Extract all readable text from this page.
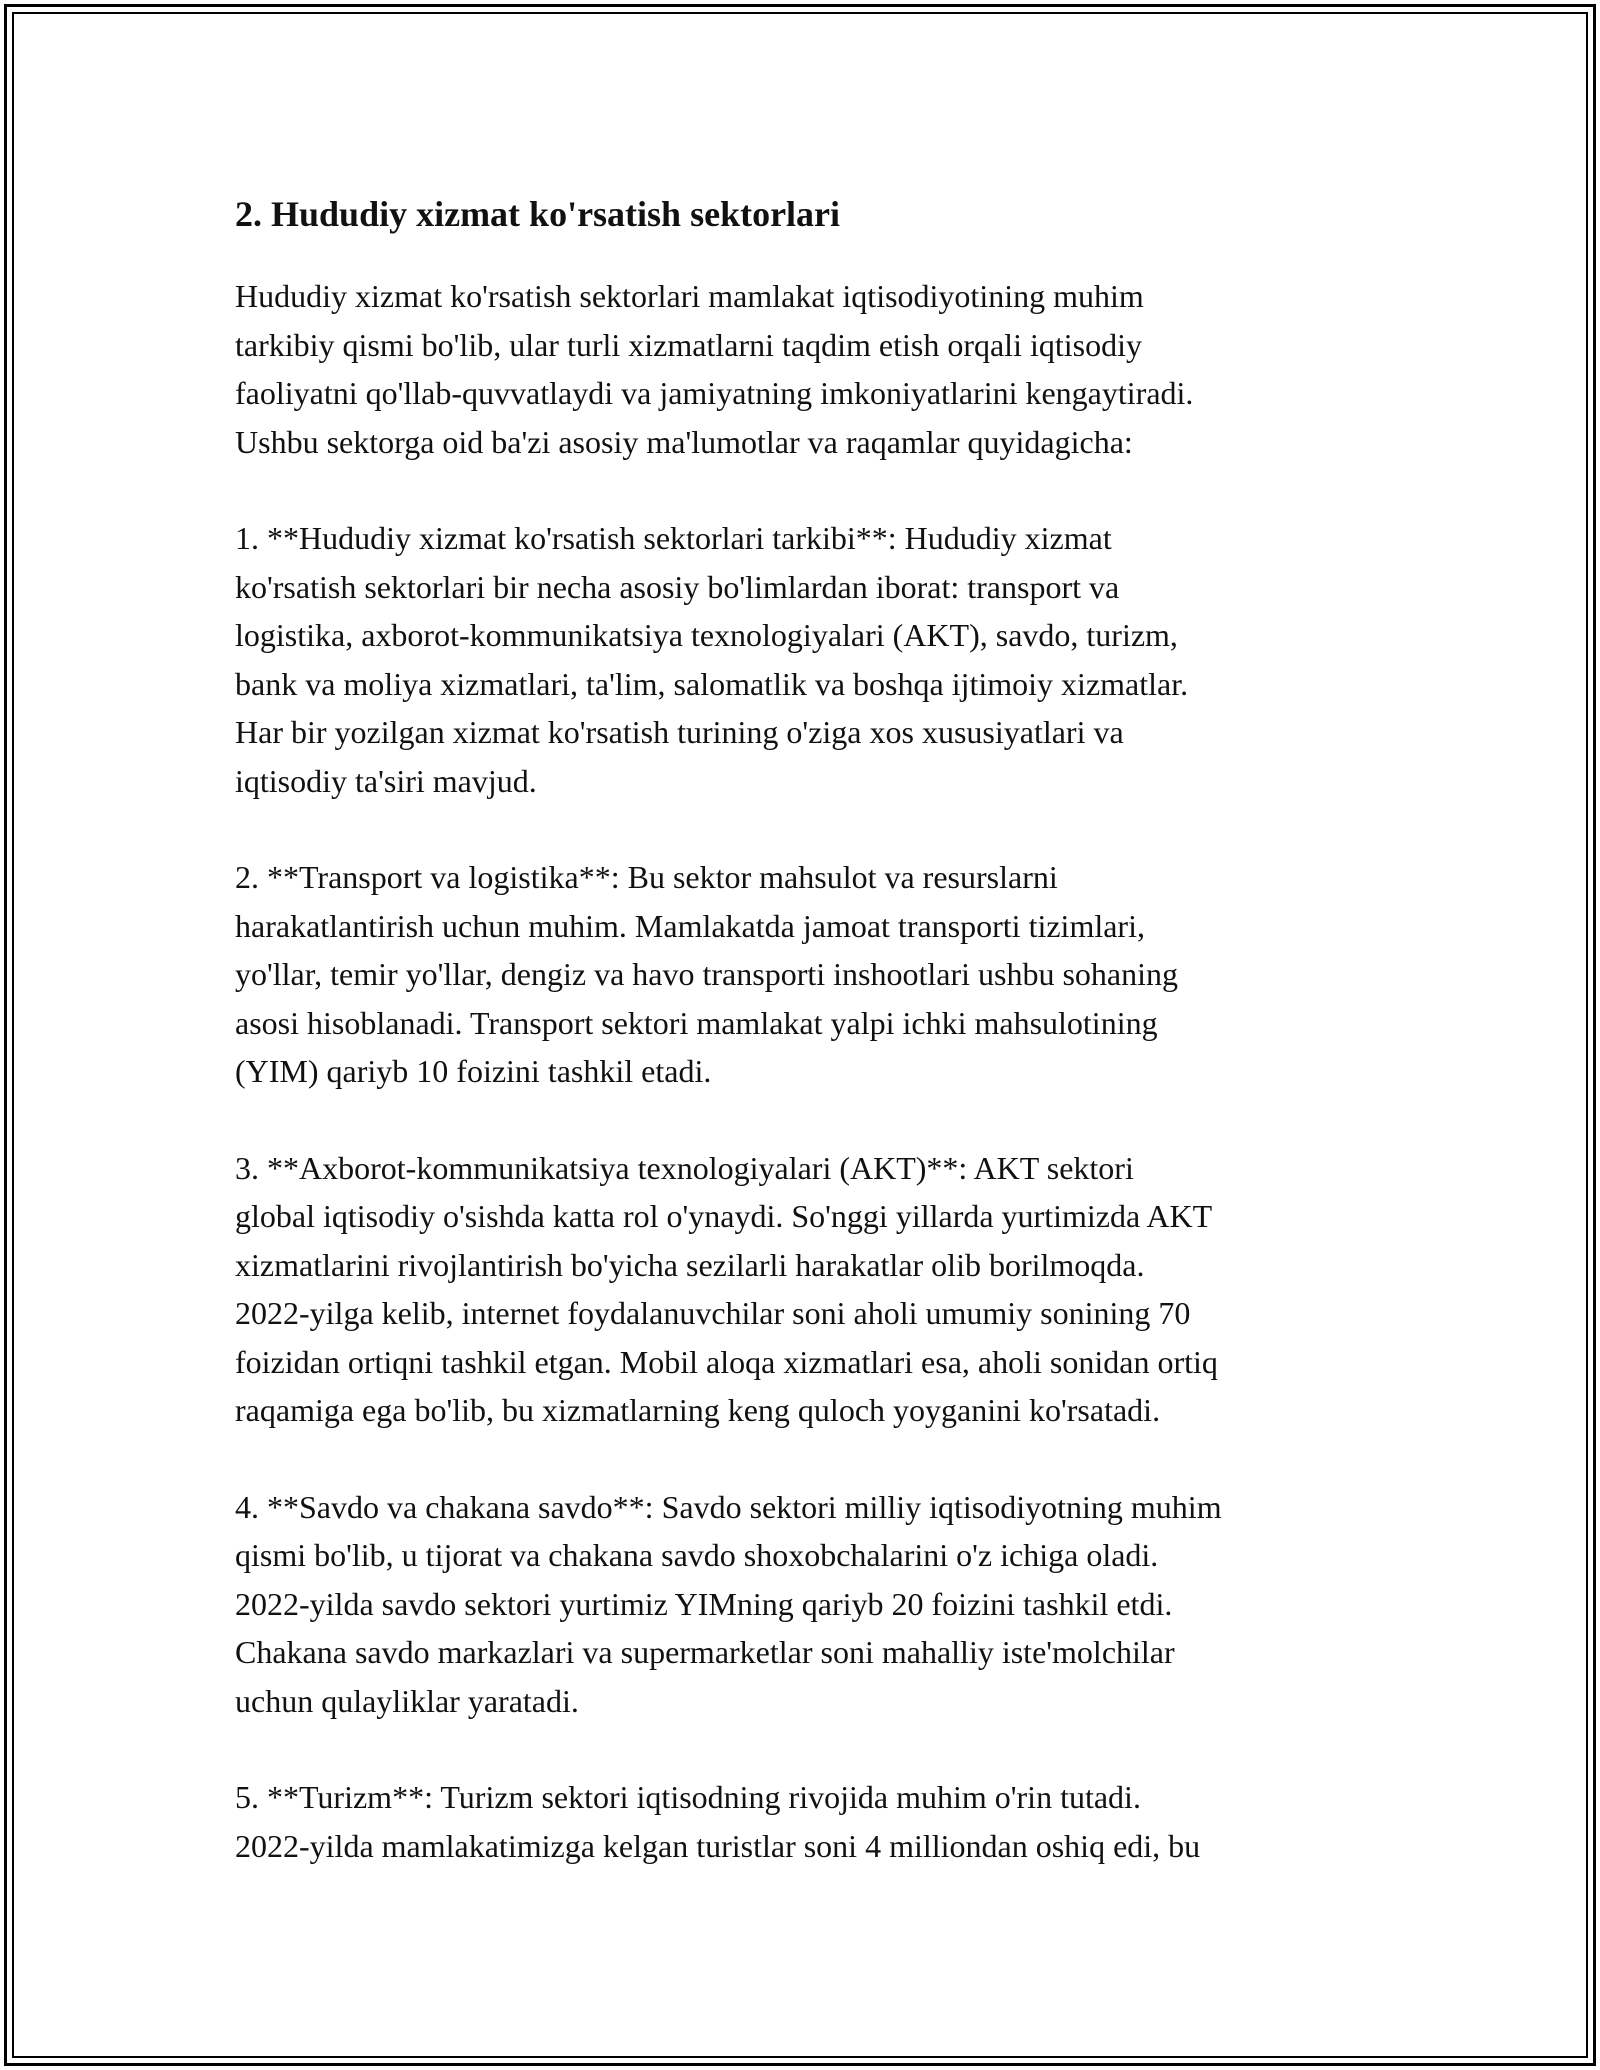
2. Hududiy xizmat ko'rsatish sektorlari

Hududiy xizmat ko'rsatish sektorlari mamlakat iqtisodiyotining muhim
tarkibiy qismi bo'lib, ular turli xizmatlarni taqdim etish orqali iqtisodiy
faoliyatni qo'llab-quvvatlaydi va jamiyatning imkoniyatlarini kengaytiradi.
Ushbu sektorga oid ba'zi asosiy ma'lumotlar va raqamlar quyidagicha:

1. **Hududiy xizmat ko'rsatish sektorlari tarkibi**: Hududiy xizmat
ko'rsatish sektorlari bir necha asosiy bo'limlardan iborat: transport va
logistika, axborot-kommunikatsiya texnologiyalari (AKT), savdo, turizm,
bank va moliya xizmatlari, ta'lim, salomatlik va boshqa ijtimoiy xizmatlar.
Har bir yozilgan xizmat ko'rsatish turining o'ziga xos xususiyatlari va
iqtisodiy ta'siri mavjud.

2. **Transport va logistika**: Bu sektor mahsulot va resurslarni
harakatlantirish uchun muhim. Mamlakatda jamoat transporti tizimlari,
yo'llar, temir yo'llar, dengiz va havo transporti inshootlari ushbu sohaning
asosi hisoblanadi. Transport sektori mamlakat yalpi ichki mahsulotining
(YIM) qariyb 10 foizini tashkil etadi.

3. **Axborot-kommunikatsiya texnologiyalari (AKT)**: AKT sektori
global iqtisodiy o'sishda katta rol o'ynaydi. So'nggi yillarda yurtimizda AKT
xizmatlarini rivojlantirish bo'yicha sezilarli harakatlar olib borilmoqda.
2022-yilga kelib, internet foydalanuvchilar soni aholi umumiy sonining 70
foizidan ortiqni tashkil etgan. Mobil aloqa xizmatlari esa, aholi sonidan ortiq
raqamiga ega bo'lib, bu xizmatlarning keng quloch yoyganini ko'rsatadi.

4. **Savdo va chakana savdo**: Savdo sektori milliy iqtisodiyotning muhim
qismi bo'lib, u tijorat va chakana savdo shoxobchalarini o'z ichiga oladi.
2022-yilda savdo sektori yurtimiz YIMning qariyb 20 foizini tashkil etdi.
Chakana savdo markazlari va supermarketlar soni mahalliy iste'molchilar
uchun qulayliklar yaratadi.

5. **Turizm**: Turizm sektori iqtisodning rivojida muhim o'rin tutadi.
2022-yilda mamlakatimizga kelgan turistlar soni 4 milliondan oshiq edi, bu
